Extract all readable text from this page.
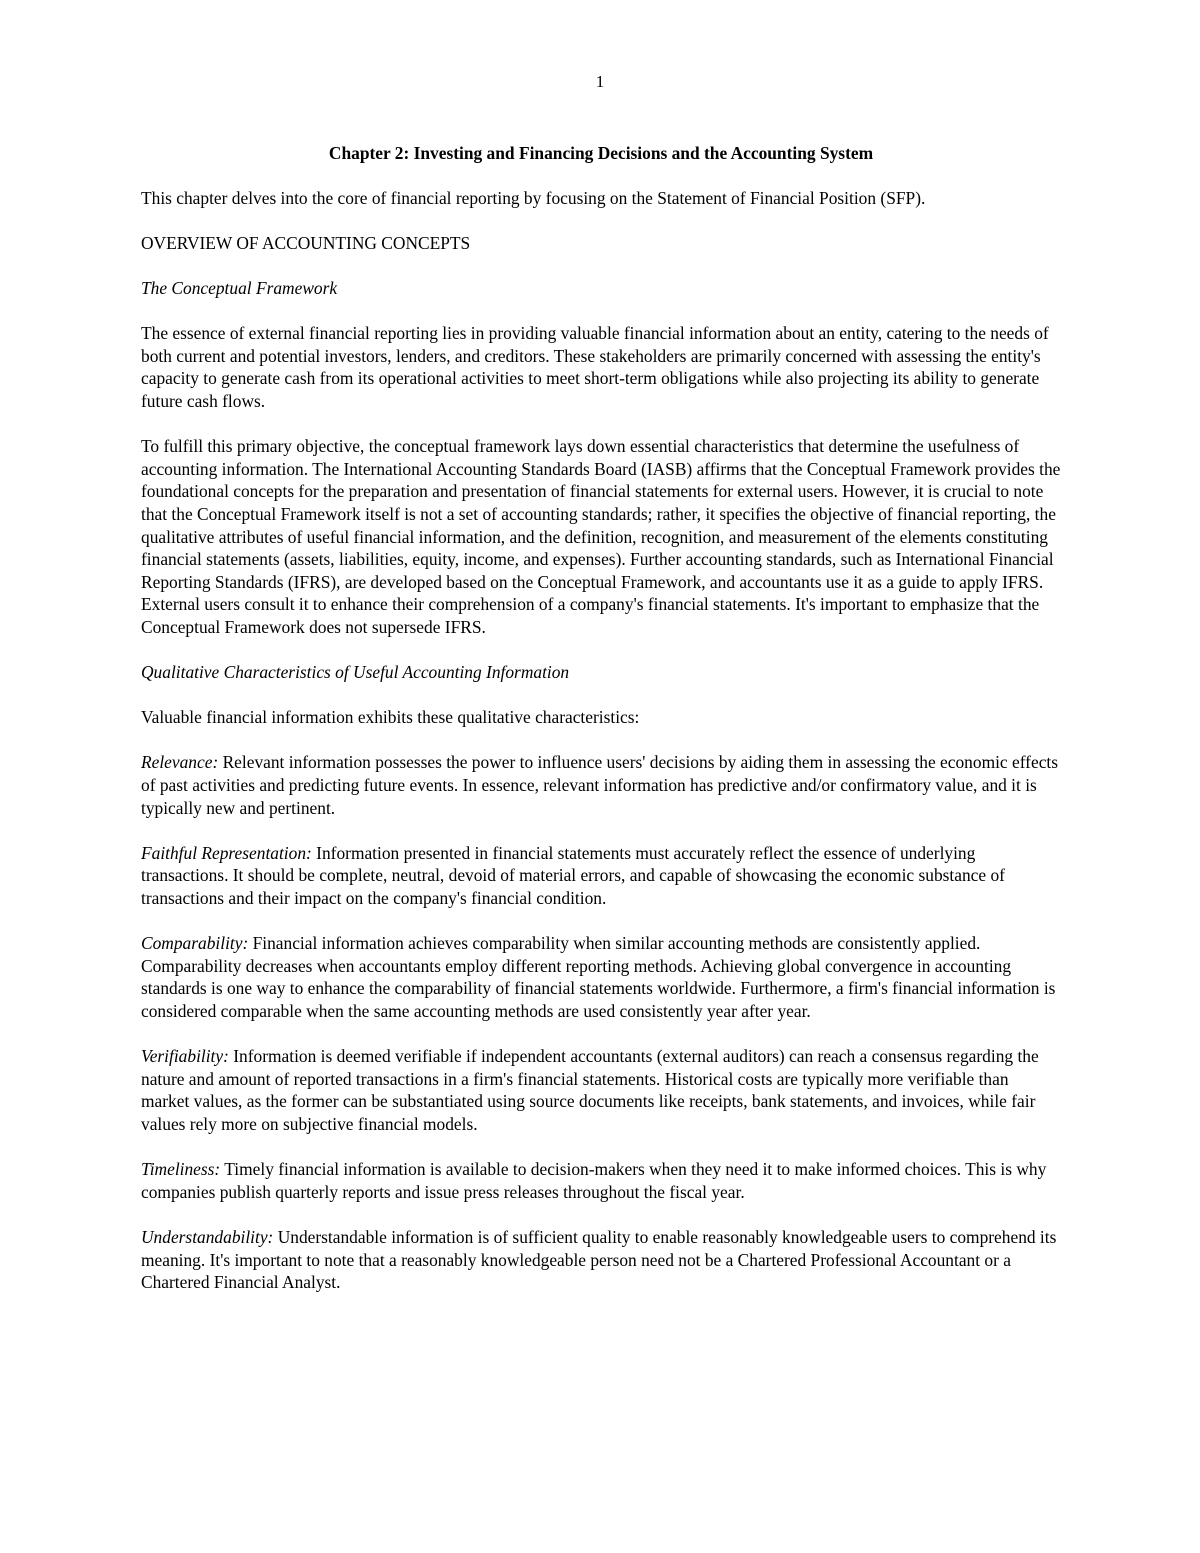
1
Chapter 2: Investing and Financing Decisions and the Accounting System

This chapter delves into the core of financial reporting by focusing on the Statement of Financial Position (SFP).

OVERVIEW OF ACCOUNTING CONCEPTS

The Conceptual Framework

The essence of external financial reporting lies in providing valuable financial information about an entity, catering to the needs of both current and potential investors, lenders, and creditors. These stakeholders are primarily concerned with assessing the entity's capacity to generate cash from its operational activities to meet short-term obligations while also projecting its ability to generate future cash flows.

To fulfill this primary objective, the conceptual framework lays down essential characteristics that determine the usefulness of accounting information. The International Accounting Standards Board (IASB) affirms that the Conceptual Framework provides the foundational concepts for the preparation and presentation of financial statements for external users. However, it is crucial to note that the Conceptual Framework itself is not a set of accounting standards; rather, it specifies the objective of financial reporting, the qualitative attributes of useful financial information, and the definition, recognition, and measurement of the elements constituting financial statements (assets, liabilities, equity, income, and expenses). Further accounting standards, such as International Financial Reporting Standards (IFRS), are developed based on the Conceptual Framework, and accountants use it as a guide to apply IFRS. External users consult it to enhance their comprehension of a company's financial statements. It's important to emphasize that the Conceptual Framework does not supersede IFRS.

Qualitative Characteristics of Useful Accounting Information

Valuable financial information exhibits these qualitative characteristics:

Relevance: Relevant information possesses the power to influence users' decisions by aiding them in assessing the economic effects of past activities and predicting future events. In essence, relevant information has predictive and/or confirmatory value, and it is typically new and pertinent.

Faithful Representation: Information presented in financial statements must accurately reflect the essence of underlying transactions. It should be complete, neutral, devoid of material errors, and capable of showcasing the economic substance of transactions and their impact on the company's financial condition.

Comparability: Financial information achieves comparability when similar accounting methods are consistently applied. Comparability decreases when accountants employ different reporting methods. Achieving global convergence in accounting standards is one way to enhance the comparability of financial statements worldwide. Furthermore, a firm's financial information is considered comparable when the same accounting methods are used consistently year after year.

Verifiability: Information is deemed verifiable if independent accountants (external auditors) can reach a consensus regarding the nature and amount of reported transactions in a firm's financial statements. Historical costs are typically more verifiable than market values, as the former can be substantiated using source documents like receipts, bank statements, and invoices, while fair values rely more on subjective financial models.

Timeliness: Timely financial information is available to decision-makers when they need it to make informed choices. This is why companies publish quarterly reports and issue press releases throughout the fiscal year.

Understandability: Understandable information is of sufficient quality to enable reasonably knowledgeable users to comprehend its meaning. It's important to note that a reasonably knowledgeable person need not be a Chartered Professional Accountant or a Chartered Financial Analyst.
